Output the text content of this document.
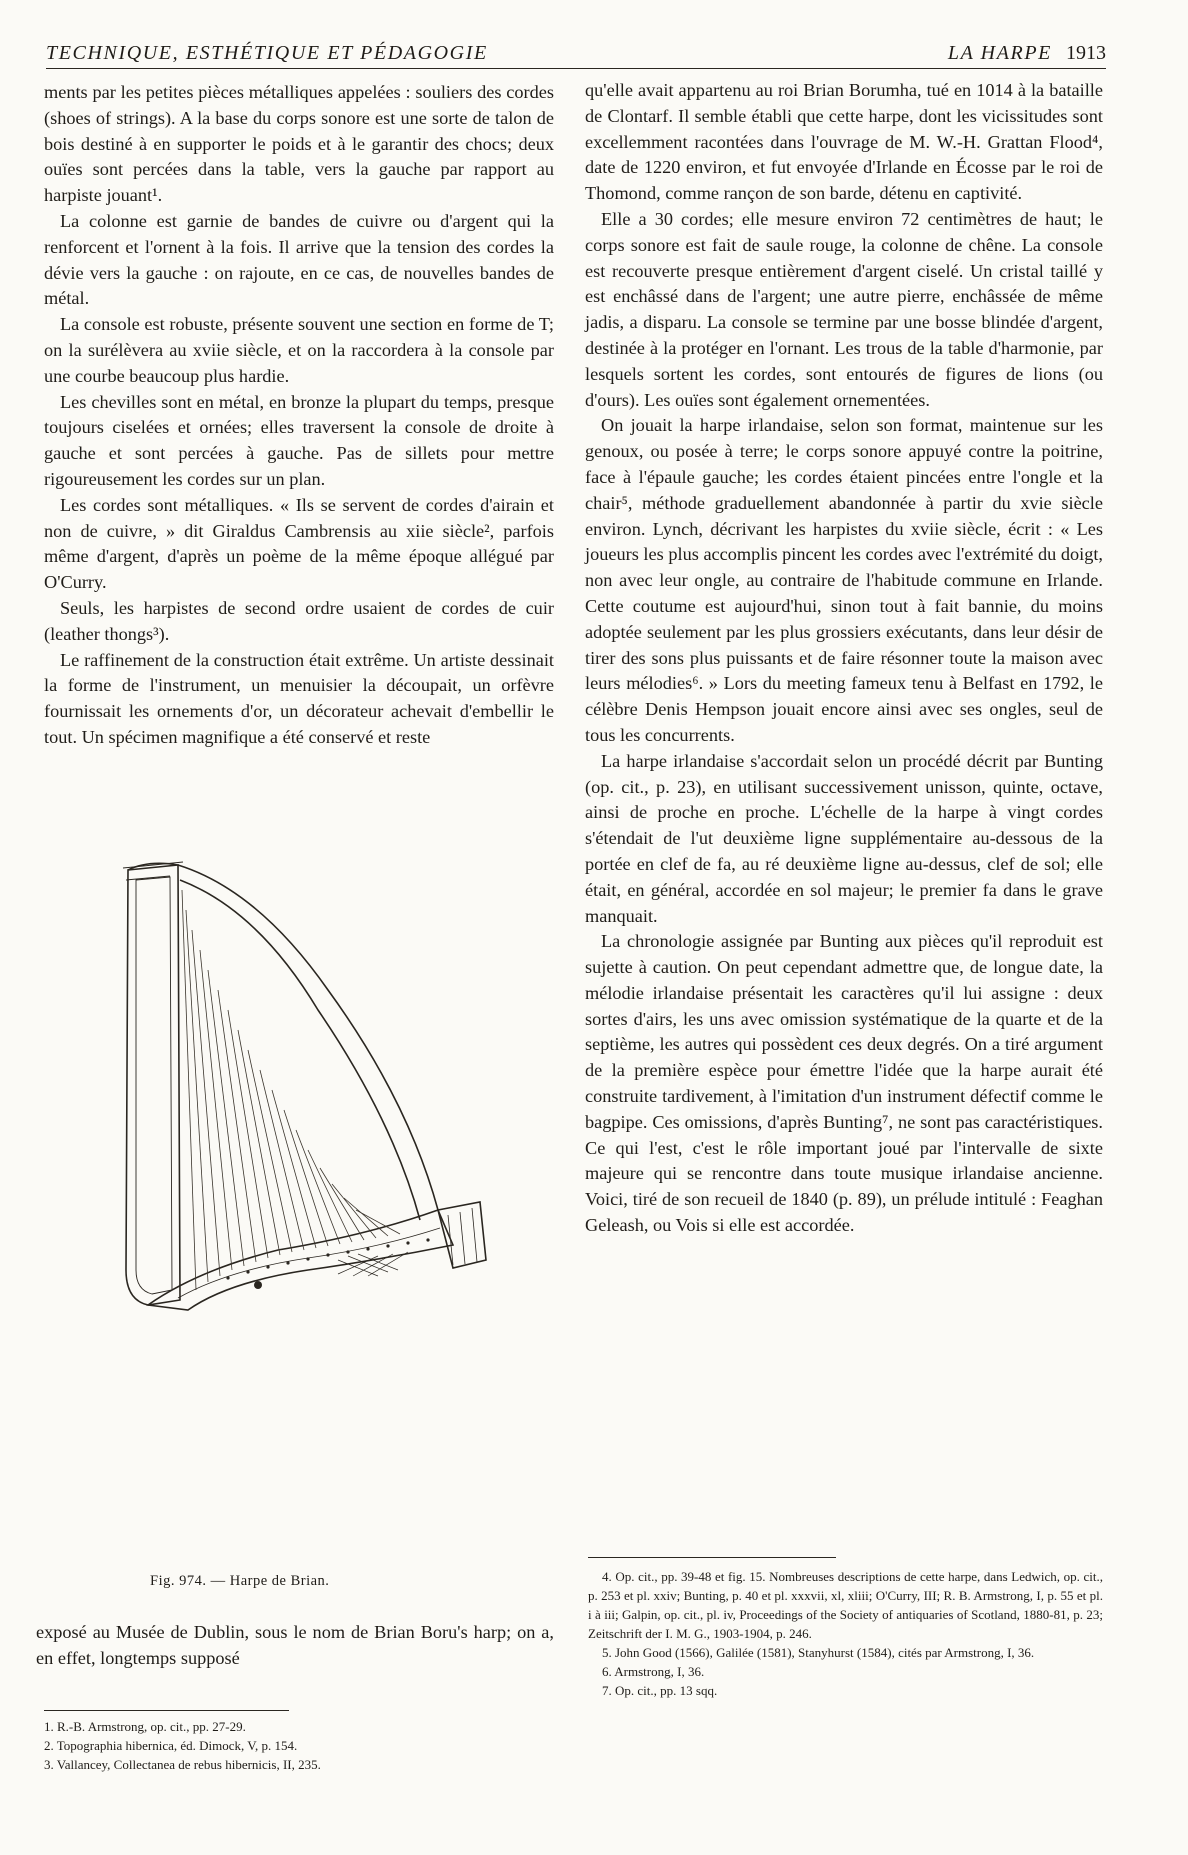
TECHNIQUE, ESTHÉTIQUE ET PÉDAGOGIE	LA HARPE 1913

ments par les petites pièces métalliques appelées : souliers des cordes (shoes of strings). A la base du corps sonore est une sorte de talon de bois destiné à en supporter le poids et à le garantir des chocs; deux ouïes sont percées dans la table, vers la gauche par rapport au harpiste jouant¹.

La colonne est garnie de bandes de cuivre ou d'argent qui la renforcent et l'ornent à la fois. Il arrive que la tension des cordes la dévie vers la gauche : on rajoute, en ce cas, de nouvelles bandes de métal.

La console est robuste, présente souvent une section en forme de T; on la surélèvera au xviie siècle, et on la raccordera à la console par une courbe beaucoup plus hardie.

Les chevilles sont en métal, en bronze la plupart du temps, presque toujours ciselées et ornées; elles traversent la console de droite à gauche et sont percées à gauche. Pas de sillets pour mettre rigoureusement les cordes sur un plan.

Les cordes sont métalliques. « Ils se servent de cordes d'airain et non de cuivre, » dit Giraldus Cambrensis au xiie siècle², parfois même d'argent, d'après un poème de la même époque allégué par O'Curry.

Seuls, les harpistes de second ordre usaient de cordes de cuir (leather thongs³).

Le raffinement de la construction était extrême. Un artiste dessinait la forme de l'instrument, un menuisier la découpait, un orfèvre fournissait les ornements d'or, un décorateur achevait d'embellir le tout. Un spécimen magnifique a été conservé et reste

Fig. 974. — Harpe de Brian.

exposé au Musée de Dublin, sous le nom de Brian Boru's harp; on a, en effet, longtemps supposé

qu'elle avait appartenu au roi Brian Borumha, tué en 1014 à la bataille de Clontarf. Il semble établi que cette harpe, dont les vicissitudes sont excellemment racontées dans l'ouvrage de M. W.-H. Grattan Flood⁴, date de 1220 environ, et fut envoyée d'Irlande en Écosse par le roi de Thomond, comme rançon de son barde, détenu en captivité.

Elle a 30 cordes; elle mesure environ 72 centimètres de haut; le corps sonore est fait de saule rouge, la colonne de chêne. La console est recouverte presque entièrement d'argent ciselé. Un cristal taillé y est enchâssé dans de l'argent; une autre pierre, enchâssée de même jadis, a disparu. La console se termine par une bosse blindée d'argent, destinée à la protéger en l'ornant. Les trous de la table d'harmonie, par lesquels sortent les cordes, sont entourés de figures de lions (ou d'ours). Les ouïes sont également ornementées.

On jouait la harpe irlandaise, selon son format, maintenue sur les genoux, ou posée à terre; le corps sonore appuyé contre la poitrine, face à l'épaule gauche; les cordes étaient pincées entre l'ongle et la chair⁵, méthode graduellement abandonnée à partir du xvie siècle environ. Lynch, décrivant les harpistes du xviie siècle, écrit : « Les joueurs les plus accomplis pincent les cordes avec l'extrémité du doigt, non avec leur ongle, au contraire de l'habitude commune en Irlande. Cette coutume est aujourd'hui, sinon tout à fait bannie, du moins adoptée seulement par les plus grossiers exécutants, dans leur désir de tirer des sons plus puissants et de faire résonner toute la maison avec leurs mélodies⁶. » Lors du meeting fameux tenu à Belfast en 1792, le célèbre Denis Hempson jouait encore ainsi avec ses ongles, seul de tous les concurrents.

La harpe irlandaise s'accordait selon un procédé décrit par Bunting (op. cit., p. 23), en utilisant successivement unisson, quinte, octave, ainsi de proche en proche. L'échelle de la harpe à vingt cordes s'étendait de l'ut deuxième ligne supplémentaire au-dessous de la portée en clef de fa, au ré deuxième ligne au-dessus, clef de sol; elle était, en général, accordée en sol majeur; le premier fa dans le grave manquait.

La chronologie assignée par Bunting aux pièces qu'il reproduit est sujette à caution. On peut cependant admettre que, de longue date, la mélodie irlandaise présentait les caractères qu'il lui assigne : deux sortes d'airs, les uns avec omission systématique de la quarte et de la septième, les autres qui possèdent ces deux degrés. On a tiré argument de la première espèce pour émettre l'idée que la harpe aurait été construite tardivement, à l'imitation d'un instrument défectif comme le bagpipe. Ces omissions, d'après Bunting⁷, ne sont pas caractéristiques. Ce qui l'est, c'est le rôle important joué par l'intervalle de sixte majeure qui se rencontre dans toute musique irlandaise ancienne. Voici, tiré de son recueil de 1840 (p. 89), un prélude intitulé : Feaghan Geleash, ou Vois si elle est accordée.

1. R.-B. Armstrong, op. cit., pp. 27-29.
2. Topographia hibernica, éd. Dimock, V, p. 154.
3. Vallancey, Collectanea de rebus hibernicis, II, 235.
4. Op. cit., pp. 39-48 et fig. 15. Nombreuses descriptions de cette harpe, dans Ledwich, op. cit., p. 253 et pl. xxiv; Bunting, p. 40 et pl. xxxvii, xl, xliii; O'Curry, III; R. B. Armstrong, I, p. 55 et pl. i à iii; Galpin, op. cit., pl. iv, Proceedings of the Society of antiquaries of Scotland, 1880-81, p. 23; Zeitschrift der I. M. G., 1903-1904, p. 246.
5. John Good (1566), Galilée (1581), Stanyhurst (1584), cités par Armstrong, I, 36.
6. Armstrong, I, 36.
7. Op. cit., pp. 13 sqq.
